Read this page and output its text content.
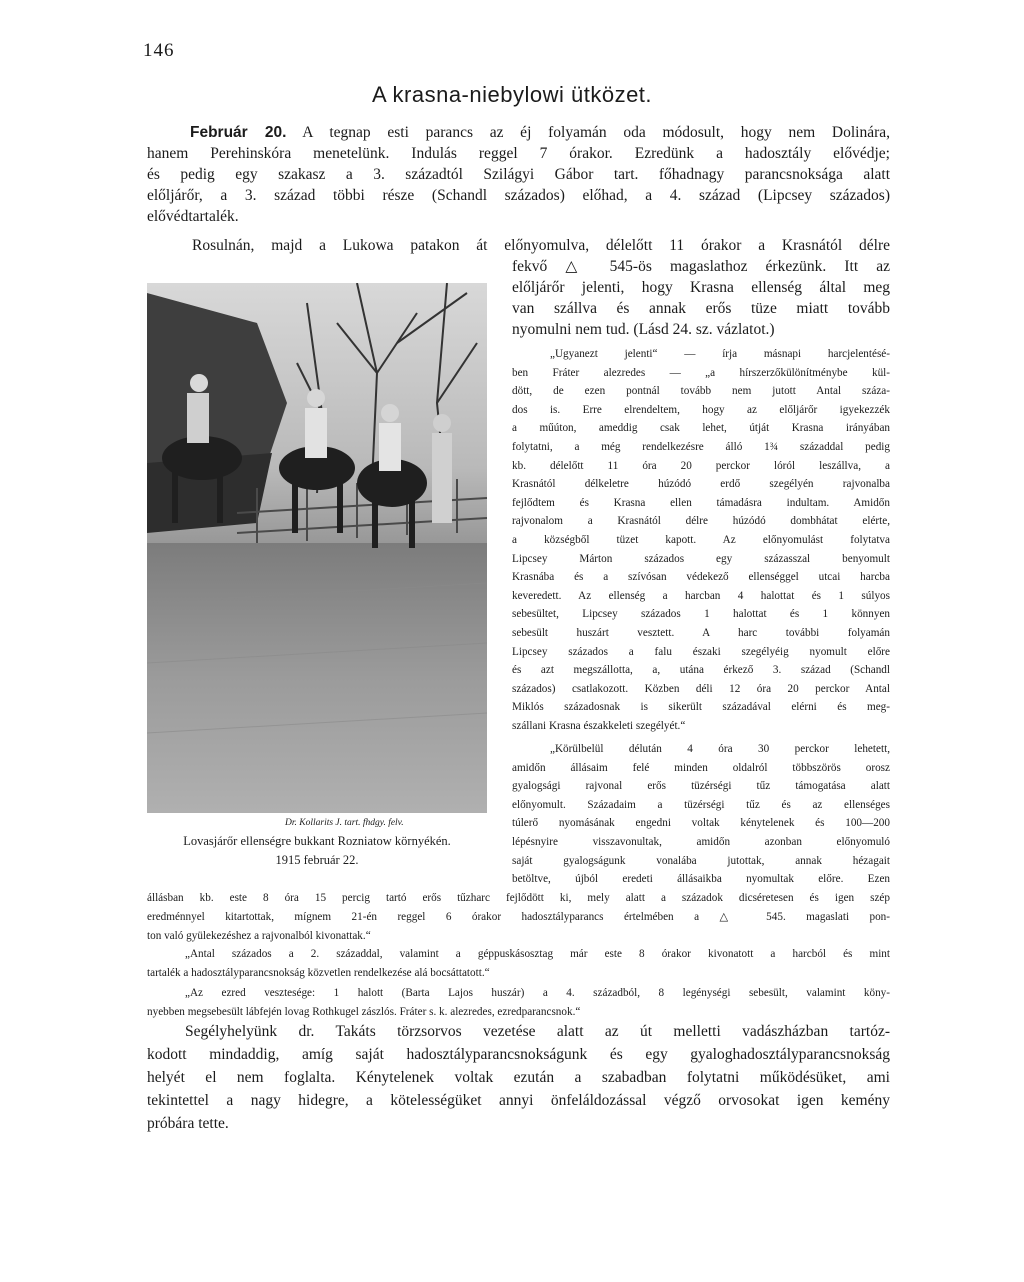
146
A krasna-niebylowi ütközet.
Február 20. A tegnap esti parancs az éj folyamán oda módosult, hogy nem Dolinára,
hanem Perehinskóra menetelünk. Indulás reggel 7 órakor. Ezredünk a hadosztály elővédje;
és pedig egy szakasz a 3. századtól Szilágyi Gábor tart. főhadnagy parancsnoksága alatt
előljárőr, a 3. század többi része (Schandl százados) előhad, a 4. század (Lipcsey százados)
elővédtartalék.
Rosulnán, majd a Lukowa patakon át előnyomulva, délelőtt 11 órakor a Krasnától délre
fekvő △ 545-ös magaslathoz érkezünk. Itt az
előljárőr jelenti, hogy Krasna ellenség által meg
van szállva és annak erős tüze miatt tovább
nyomulni nem tud. (Lásd 24. sz. vázlatot.)
„Ugyanezt jelenti“ — írja másnapi harcjelentésé-
ben Fráter alezredes — „a hírszerzőkülönítménybe kül-
dött, de ezen pontnál tovább nem jutott Antal száza-
dos is. Erre elrendeltem, hogy az előljárőr igyekezzék
a műúton, ameddig csak lehet, útját Krasna irányában
folytatni, a még rendelkezésre álló 1¾ századdal pedig
kb. délelőtt 11 óra 20 perckor lóról leszállva, a
Krasnától délkeletre húzódó erdő szegélyén rajvonalba
fejlődtem és Krasna ellen támadásra indultam. Amidőn
rajvonalom a Krasnától délre húzódó dombhátat elérte,
a községből tüzet kapott. Az előnyomulást folytatva
Lipcsey Márton százados egy százasszal benyomult
Krasnába és a szívósan védekező ellenséggel utcai harcba
keveredett. Az ellenség a harcban 4 halottat és 1 súlyos
sebesültet, Lipcsey százados 1 halottat és 1 könnyen
sebesült huszárt vesztett. A harc további folyamán
Lipcsey százados a falu északi szegélyéig nyomult előre
és azt megszállotta, a, utána érkező 3. század (Schandl
százados) csatlakozott. Közben déli 12 óra 20 perckor Antal
Miklós századosnak is sikerült századával elérni és meg-
szállani Krasna északkeleti szegélyét.“
„Körülbelül délután 4 óra 30 perckor lehetett,
amidőn állásaim felé minden oldalról többszörös orosz
gyalogsági rajvonal erős tüzérségi tűz támogatása alatt
előnyomult. Századaim a tüzérségi tűz és az ellenséges
túlerő nyomásának engedni voltak kénytelenek és 100—200
lépésnyire visszavonultak, amidőn azonban előnyomuló
saját gyalogságunk vonalába jutottak, annak hézagait
betöltve, újból eredeti állásaikba nyomultak előre. Ezen
Dr. Kollarits J. tart. fhdgy. felv.
Lovasjárőr ellenségre bukkant Rozniatow környékén.
1915 február 22.
állásban kb. este 8 óra 15 percig tartó erős tűzharc fejlődött ki, mely alatt a századok dicséretesen és igen szép
eredménnyel kitartottak, mígnem 21-én reggel 6 órakor hadosztályparancs értelmében a △ 545. magaslati pon-
ton való gyülekezéshez a rajvonalból kivonattak.“
„Antal százados a 2. századdal, valamint a géppuskásosztag már este 8 órakor kivonatott a harcból és mint
tartalék a hadosztályparancsnokság közvetlen rendelkezése alá bocsáttatott.“
„Az ezred vesztesége: 1 halott (Barta Lajos huszár) a 4. századból, 8 legénységi sebesült, valamint köny-
nyebben megsebesült lábfején lovag Rothkugel zászlós. Fráter s. k. alezredes, ezredparancsnok.“
Segélyhelyünk dr. Takáts törzsorvos vezetése alatt az út melletti vadászházban tartóz-
kodott mindaddig, amíg saját hadosztályparancsnokságunk és egy gyaloghadosztályparancsnokság
helyét el nem foglalta. Kénytelenek voltak ezután a szabadban folytatni működésüket, ami
tekintettel a nagy hidegre, a kötelességüket annyi önfeláldozással végző orvosokat igen kemény
próbára tette.
